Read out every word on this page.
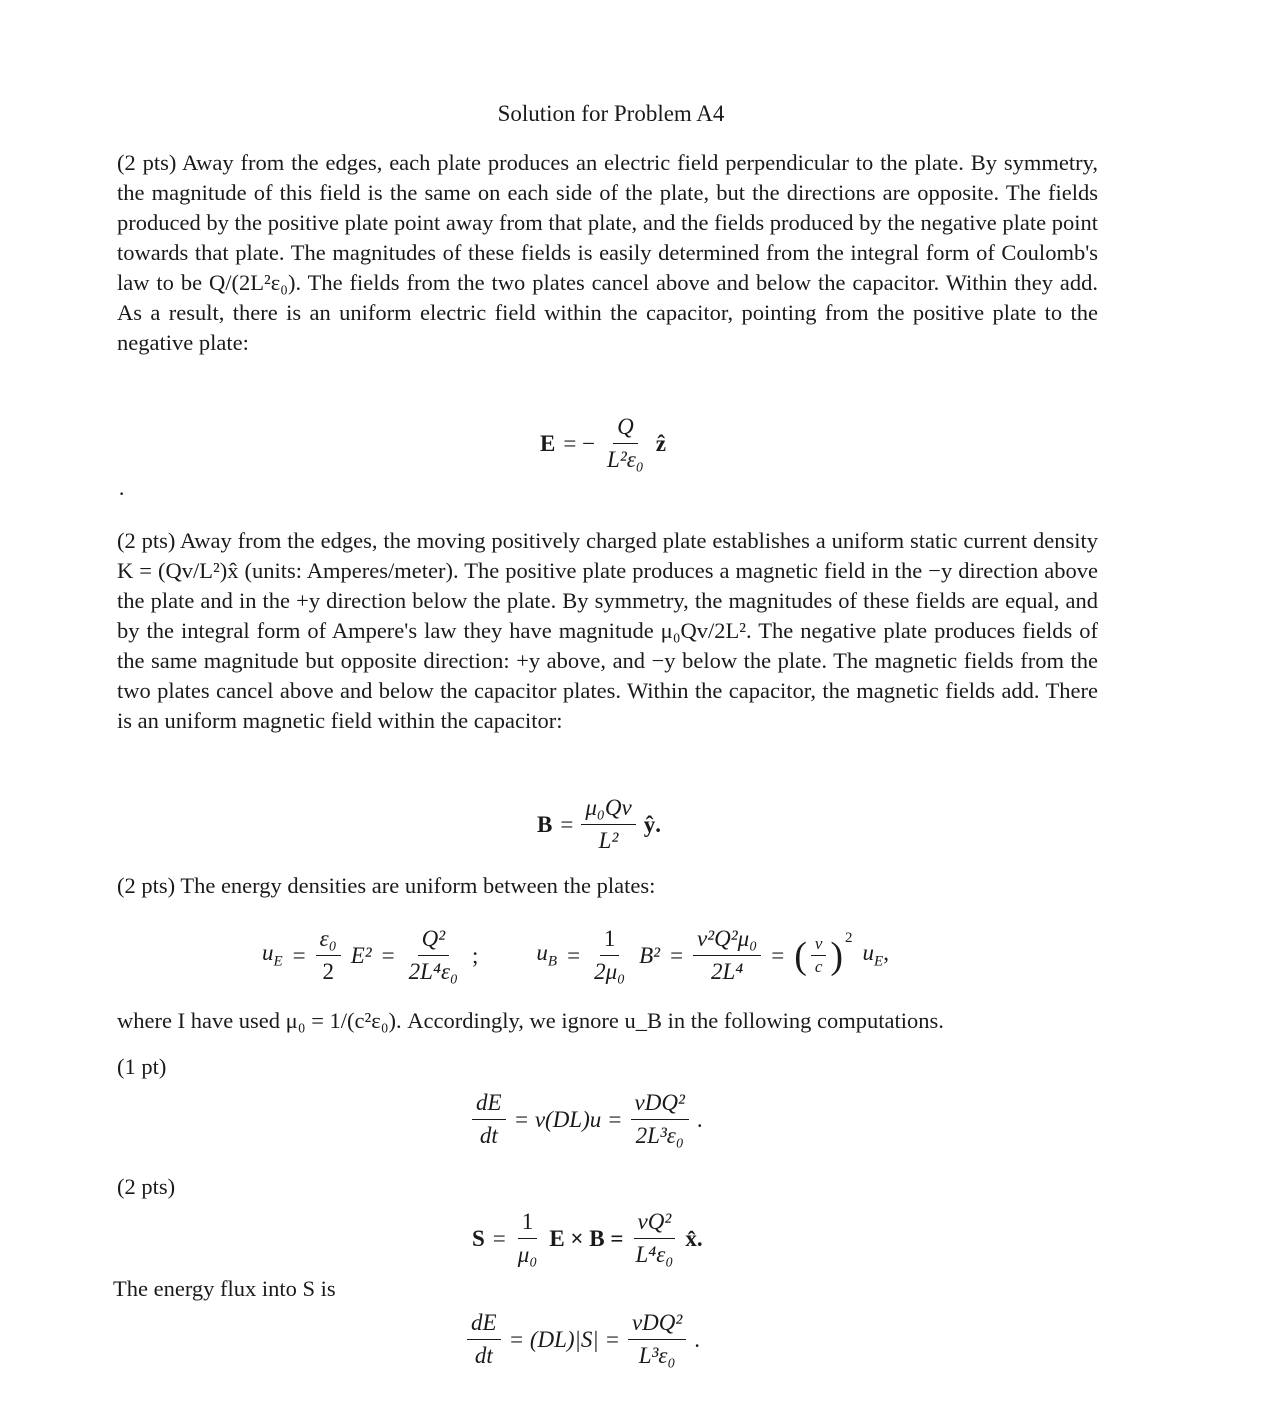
Solution for Problem A4
(2 pts) Away from the edges, each plate produces an electric field perpendicular to the plate. By symmetry, the magnitude of this field is the same on each side of the plate, but the directions are opposite. The fields produced by the positive plate point away from that plate, and the fields produced by the negative plate point towards that plate. The magnitudes of these fields is easily determined from the integral form of Coulomb's law to be Q/(2L²ε₀). The fields from the two plates cancel above and below the capacitor. Within they add. As a result, there is an uniform electric field within the capacitor, pointing from the positive plate to the negative plate:
E = − $\frac{Q}{\text{L²ε₀}}$ ẑ
·
(2 pts) Away from the edges, the moving positively charged plate establishes a uniform static current density K = (Qv/L²)x̂ (units: Amperes/meter). The positive plate produces a magnetic field in the −y direction above the plate and in the +y direction below the plate. By symmetry, the magnitudes of these fields are equal, and by the integral form of Ampere's law they have magnitude μ₀Qv/2L². The negative plate produces fields of the same magnitude but opposite direction: +y above, and −y below the plate. The magnetic fields from the two plates cancel above and below the capacitor plates. Within the capacitor, the magnetic fields add. There is an uniform magnetic field within the capacitor:
$B = \frac{\text{μ₀Qv}}{\text{L²}}$ ŷ.
(2 pts) The energy densities are uniform between the plates:
$u_E = \frac{\text{ε₀}}{2} E^2 = \frac{\text{Q²}}{\text{2L⁴ε₀}}$ ;	$u_B = \frac{1}{\text{2μ₀}} B^2 = \frac{\text{v²Q²μ₀}}{\text{2L⁴}}$ = ( $\frac{v}{c} )^2$
$u_E$,
where I have used μ₀ = 1/(c²ε₀). Accordingly, we ignore u_B in the following computations.
(1 pt)
$\frac{dE}{dt} = v(DL)u = \frac{\text{vDQ²}}{\text{2L³ε₀}}$ .
(2 pts)
$S = \frac{1}{\text{μ₀}}$ $E \times B = \frac{\text{vQ²}}{\text{L⁴ε₀}}$ x̂.
The energy flux into S is
$\frac{dE}{dt} = (DL)|S| = \frac{\text{vDQ²}}{\text{L³ε₀}}$ .
